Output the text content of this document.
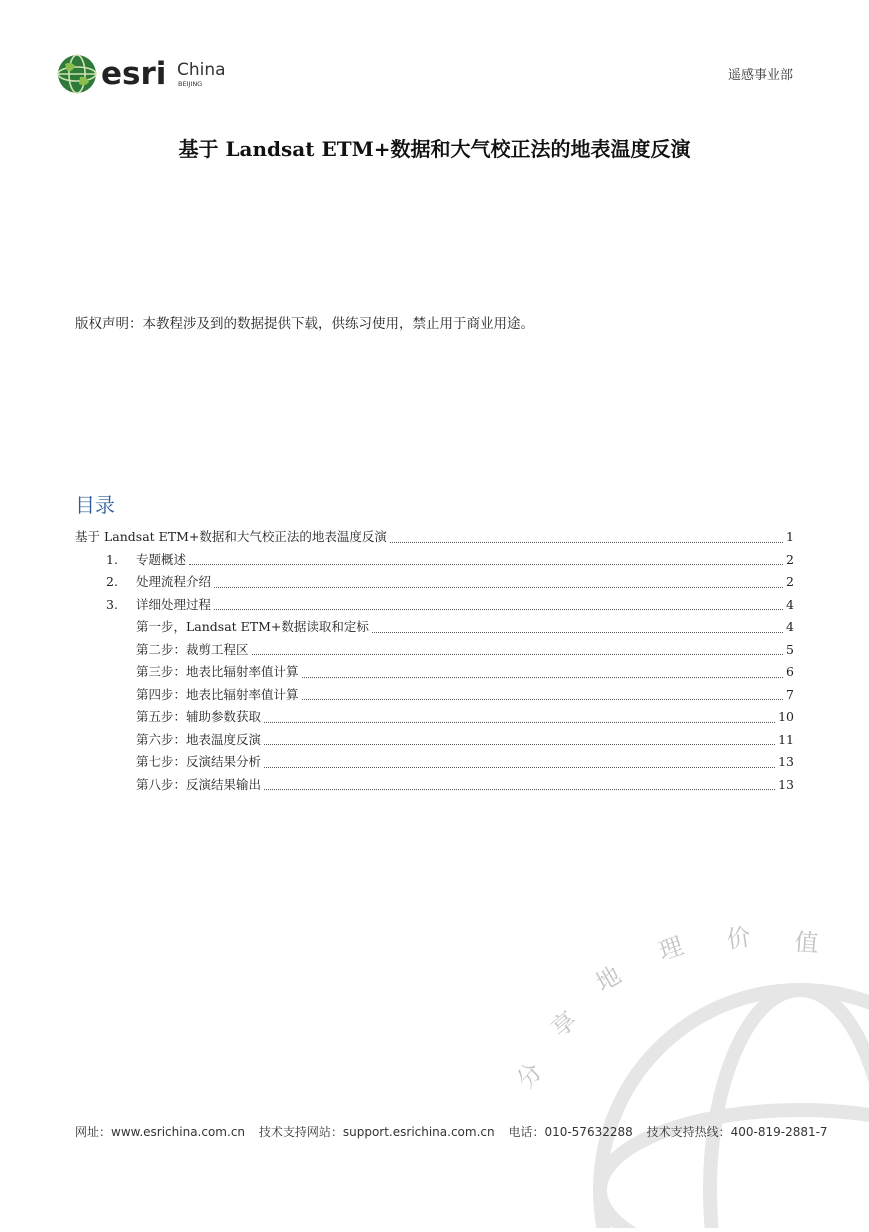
esri China
BEIJING
遥感事业部
基于 Landsat ETM+数据和大气校正法的地表温度反演
版权声明：本教程涉及到的数据提供下载，供练习使用，禁止用于商业用途。
目录
基于 Landsat ETM+数据和大气校正法的地表温度反演	1
1.	专题概述	2
2.	处理流程介绍	2
3.	详细处理过程	4
第一步，Landsat ETM+数据读取和定标	4
第二步：裁剪工程区	5
第三步：地表比辐射率值计算	6
第四步：地表比辐射率值计算	7
第五步：辅助参数获取	10
第六步：地表温度反演	11
第七步：反演结果分析	13
第八步：反演结果输出	13
分
享
地
理 价 值
网址：www.esrichina.com.cn 技术支持网站：support.esrichina.com.cn 电话：010-57632288 技术支持热线：400-819-2881-7
